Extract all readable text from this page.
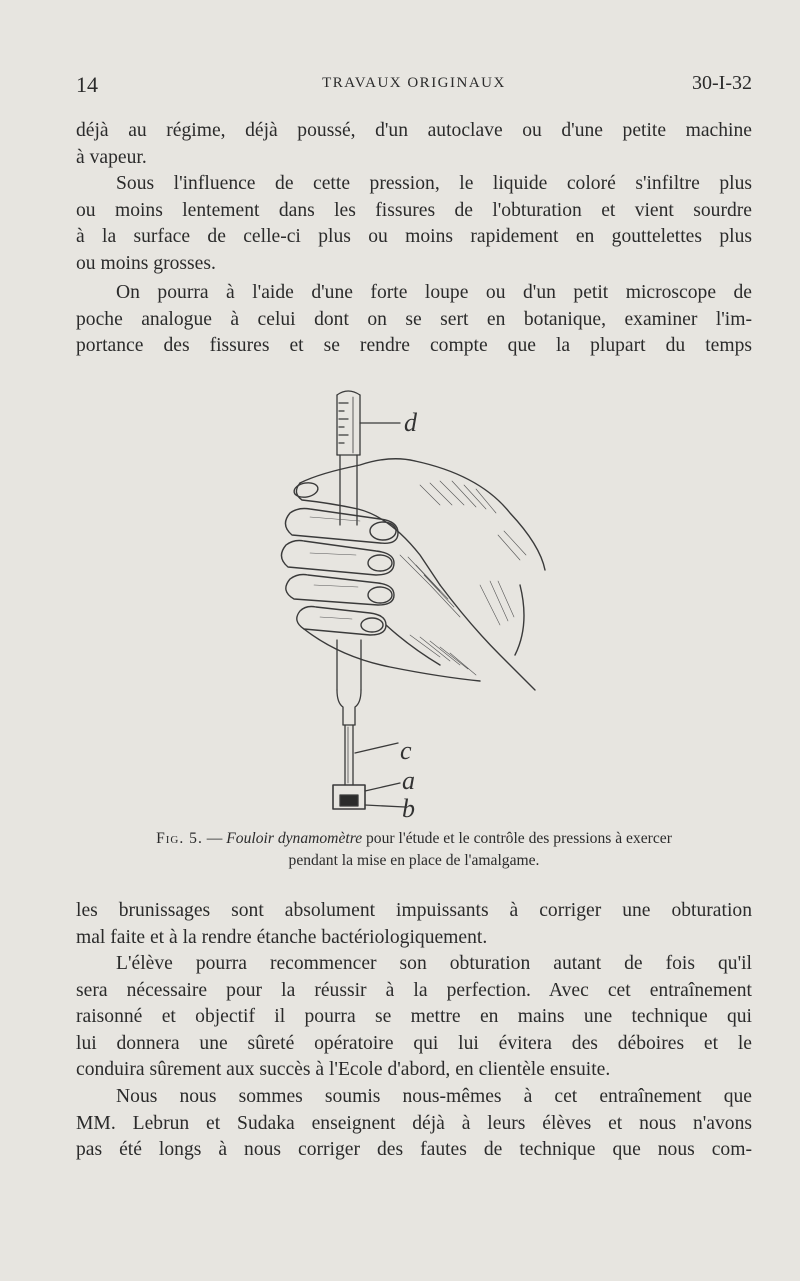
14	TRAVAUX ORIGINAUX	30-I-32
déjà au régime, déjà poussé, d'un autoclave ou d'une petite machine
à vapeur.
Sous l'influence de cette pression, le liquide coloré s'infiltre plus
ou moins lentement dans les fissures de l'obturation et vient sourdre
à la surface de celle-ci plus ou moins rapidement en gouttelettes plus
ou moins grosses.
On pourra à l'aide d'une forte loupe ou d'un petit microscope de
poche analogue à celui dont on se sert en botanique, examiner l'im-
portance des fissures et se rendre compte que la plupart du temps
d
c
a
b
Fig. 5. — Fouloir dynamomètre pour l'étude et le contrôle des pressions à exercer
pendant la mise en place de l'amalgame.
les brunissages sont absolument impuissants à corriger une obturation
mal faite et à la rendre étanche bactériologiquement.
L'élève pourra recommencer son obturation autant de fois qu'il
sera nécessaire pour la réussir à la perfection. Avec cet entraînement
raisonné et objectif il pourra se mettre en mains une technique qui
lui donnera une sûreté opératoire qui lui évitera des déboires et le
conduira sûrement aux succès à l'Ecole d'abord, en clientèle ensuite.
Nous nous sommes soumis nous-mêmes à cet entraînement que
MM. Lebrun et Sudaka enseignent déjà à leurs élèves et nous n'avons
pas été longs à nous corriger des fautes de technique que nous com-
